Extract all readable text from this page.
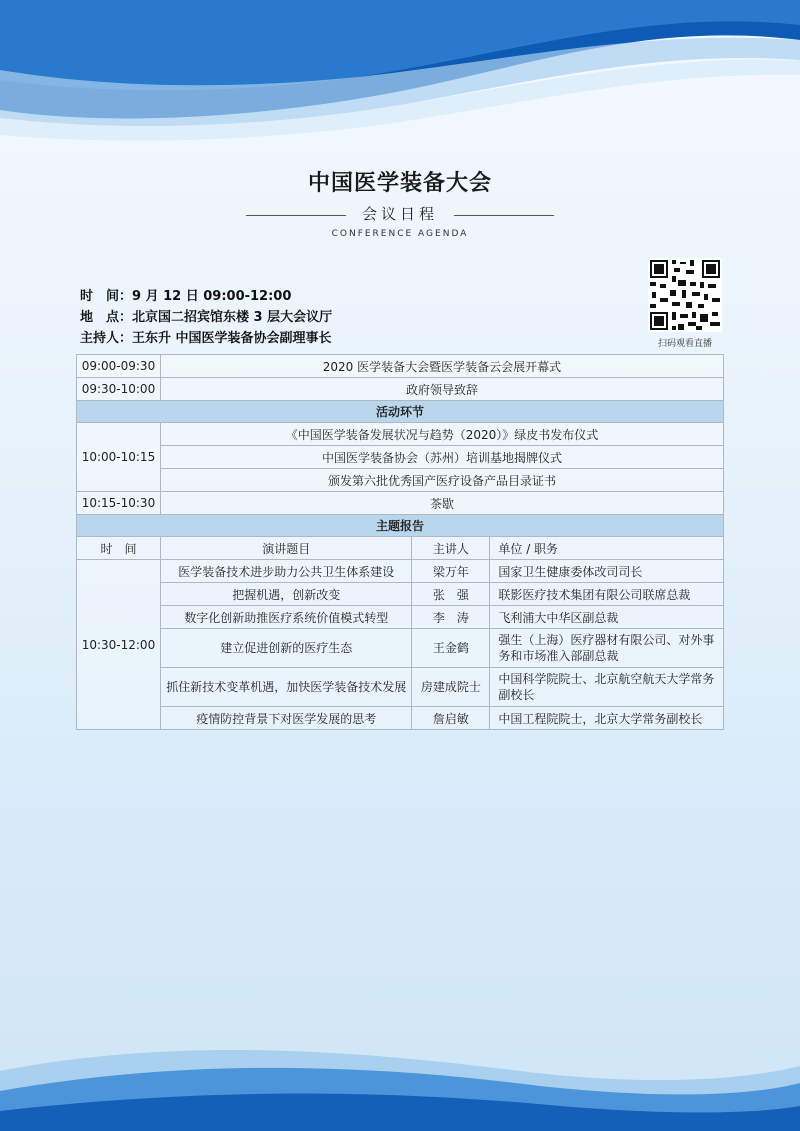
中国医学装备大会
会议日程
CONFERENCE AGENDA
时　间：9 月 12 日 09:00-12:00
地　点：北京国二招宾馆东楼 3 层大会议厅
主持人：王东升 中国医学装备协会副理事长	扫码观看直播
09:00-09:30	2020 医学装备大会暨医学装备云会展开幕式		
09:30-10:00	政府领导致辞		
活动环节			
10:00-10:15	《中国医学装备发展状况与趋势（2020）》绿皮书发布仪式		
	中国医学装备协会（苏州）培训基地揭牌仪式		
	颁发第六批优秀国产医疗设备产品目录证书		
10:15-10:30	茶歇		
主题报告			
时　间	演讲题目	主讲人	单位 / 职务
10:30-12:00	医学装备技术进步助力公共卫生体系建设	梁万年	国家卫生健康委体改司司长
	把握机遇，创新改变	张　强	联影医疗技术集团有限公司联席总裁
	数字化创新助推医疗系统价值模式转型	李　涛	飞利浦大中华区副总裁
	建立促进创新的医疗生态	王金鹤	强生（上海）医疗器材有限公司、对外事务和市场准入部副总裁
	抓住新技术变革机遇，加快医学装备技术发展	房建成院士	中国科学院院士、北京航空航天大学常务副校长
	疫情防控背景下对医学发展的思考	詹启敏	中国工程院院士，北京大学常务副校长
